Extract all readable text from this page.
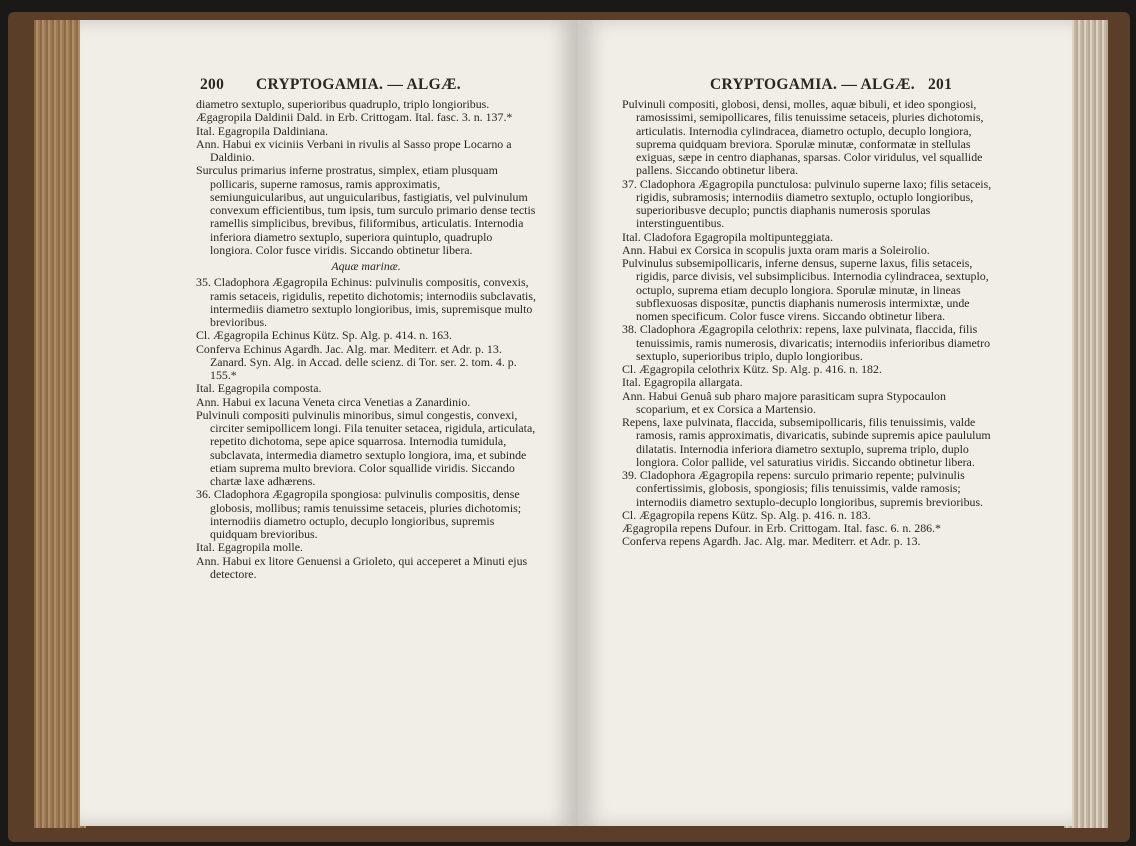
200 CRYPTOGAMIA. — ALGÆ.

diametro sextuplo, superioribus quadruplo, triplo longioribus.

Ægagropila Daldinii Dald. in Erb. Crittogam. Ital. fasc. 3. n. 137.*

Ital. Egagropila Daldiniana.

Ann. Habui ex viciniis Verbani in rivulis al Sasso prope Locarno a Daldinio.

Surculus primarius inferne prostratus, simplex, etiam plusquam pollicaris, superne ramosus, ramis approximatis, semiunguicularibus, aut unguicularibus, fastigiatis, vel pulvinulum convexum efficientibus, tum ipsis, tum surculo primario dense tectis ramellis simplicibus, brevibus, filiformibus, articulatis. Internodia inferiora diametro sextuplo, superiora quintuplo, quadruplo longiora. Color fusce viridis. Siccando obtinetur libera.

Aquæ marinæ.

35. Cladophora Ægagropila Echinus: pulvinulis compositis, convexis, ramis setaceis, rigidulis, repetito dichotomis; internodiis subclavatis, intermediis diametro sextuplo longioribus, imis, supremisque multo brevioribus.

Cl. Ægagropila Echinus Kütz. Sp. Alg. p. 414. n. 163.

Conferva Echinus Agardh. Jac. Alg. mar. Mediterr. et Adr. p. 13. Zanard. Syn. Alg. in Accad. delle scienz. di Tor. ser. 2. tom. 4. p. 155.*

Ital. Egagropila composta.

Ann. Habui ex lacuna Veneta circa Venetias a Zanardinio.

Pulvinuli compositi pulvinulis minoribus, simul congestis, convexi, circiter semipollicem longi. Fila tenuiter setacea, rigidula, articulata, repetito dichotoma, sepe apice squarrosa. Internodia tumidula, subclavata, intermedia diametro sextuplo longiora, ima, et subinde etiam suprema multo breviora. Color squallide viridis. Siccando chartæ laxe adhærens.

36. Cladophora Ægagropila spongiosa: pulvinulis compositis, dense globosis, mollibus; ramis tenuissime setaceis, pluries dichotomis; internodiis diametro octuplo, decuplo longioribus, supremis quidquam brevioribus.

Ital. Egagropila molle.

Ann. Habui ex litore Genuensi a Grioleto, qui acceperet a Minuti ejus detectore.

CRYPTOGAMIA. — ALGÆ. 201

Pulvinuli compositi, globosi, densi, molles, aquæ bibuli, et ideo spongiosi, ramosissimi, semipollicares, filis tenuissime setaceis, pluries dichotomis, articulatis. Internodia cylindracea, diametro octuplo, decuplo longiora, suprema quidquam breviora. Sporulæ minutæ, conformatæ in stellulas exiguas, sæpe in centro diaphanas, sparsas. Color viridulus, vel squallide pallens. Siccando obtinetur libera.

37. Cladophora Ægagropila punctulosa: pulvinulo superne laxo; filis setaceis, rigidis, subramosis; internodiis diametro sextuplo, octuplo longioribus, superioribusve decuplo; punctis diaphanis numerosis sporulas interstinguentibus.

Ital. Cladofora Egagropila moltipunteggiata.

Ann. Habui ex Corsica in scopulis juxta oram maris a Soleirolio.

Pulvinulus subsemipollicaris, inferne densus, superne laxus, filis setaceis, rigidis, parce divisis, vel subsimplicibus. Internodia cylindracea, sextuplo, octuplo, suprema etiam decuplo longiora. Sporulæ minutæ, in lineas subflexuosas dispositæ, punctis diaphanis numerosis intermixtæ, unde nomen specificum. Color fusce virens. Siccando obtinetur libera.

38. Cladophora Ægagropila celothrix: repens, laxe pulvinata, flaccida, filis tenuissimis, ramis numerosis, divaricatis; internodiis inferioribus diametro sextuplo, superioribus triplo, duplo longioribus.

Cl. Ægagropila celothrix Kütz. Sp. Alg. p. 416. n. 182.

Ital. Egagropila allargata.

Ann. Habui Genuâ sub pharo majore parasiticam supra Stypocaulon scoparium, et ex Corsica a Martensio.

Repens, laxe pulvinata, flaccida, subsemipollicaris, filis tenuissimis, valde ramosis, ramis approximatis, divaricatis, subinde supremis apice paululum dilatatis. Internodia inferiora diametro sextuplo, suprema triplo, duplo longiora. Color pallide, vel saturatius viridis. Siccando obtinetur libera.

39. Cladophora Ægagropila repens: surculo primario repente; pulvinulis confertissimis, globosis, spongiosis; filis tenuissimis, valde ramosis; internodiis diametro sextuplo-decuplo longioribus, supremis brevioribus.

Cl. Ægagropila repens Kütz. Sp. Alg. p. 416. n. 183.

Ægagropila repens Dufour. in Erb. Crittogam. Ital. fasc. 6. n. 286.*

Conferva repens Agardh. Jac. Alg. mar. Mediterr. et Adr. p. 13.
